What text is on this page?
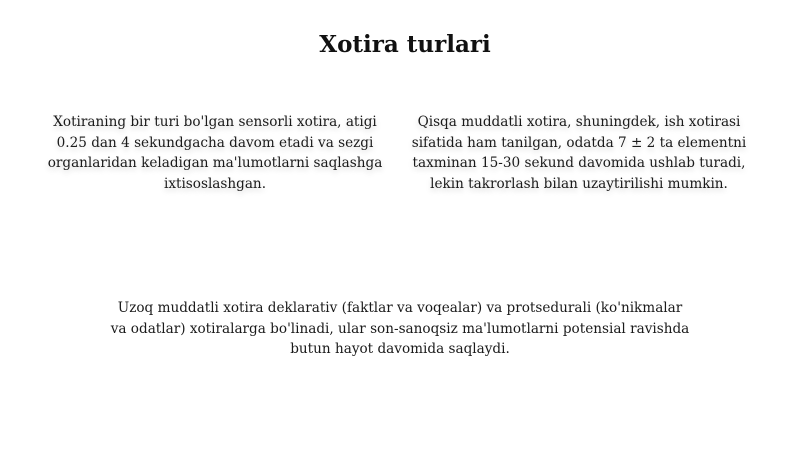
Xotira turlari

Xotiraning bir turi bo'lgan sensorli xotira, atigi 0.25 dan 4 sekundgacha davom etadi va sezgi organlaridan keladigan ma'lumotlarni saqlashga ixtisoslashgan.

Qisqa muddatli xotira, shuningdek, ish xotirasi sifatida ham tanilgan, odatda 7 ± 2 ta elementni taxminan 15-30 sekund davomida ushlab turadi, lekin takrorlash bilan uzaytirilishi mumkin.

Uzoq muddatli xotira deklarativ (faktlar va voqealar) va protsedurali (ko'nikmalar va odatlar) xotiralarga bo'linadi, ular son-sanoqsiz ma'lumotlarni potensial ravishda butun hayot davomida saqlaydi.
